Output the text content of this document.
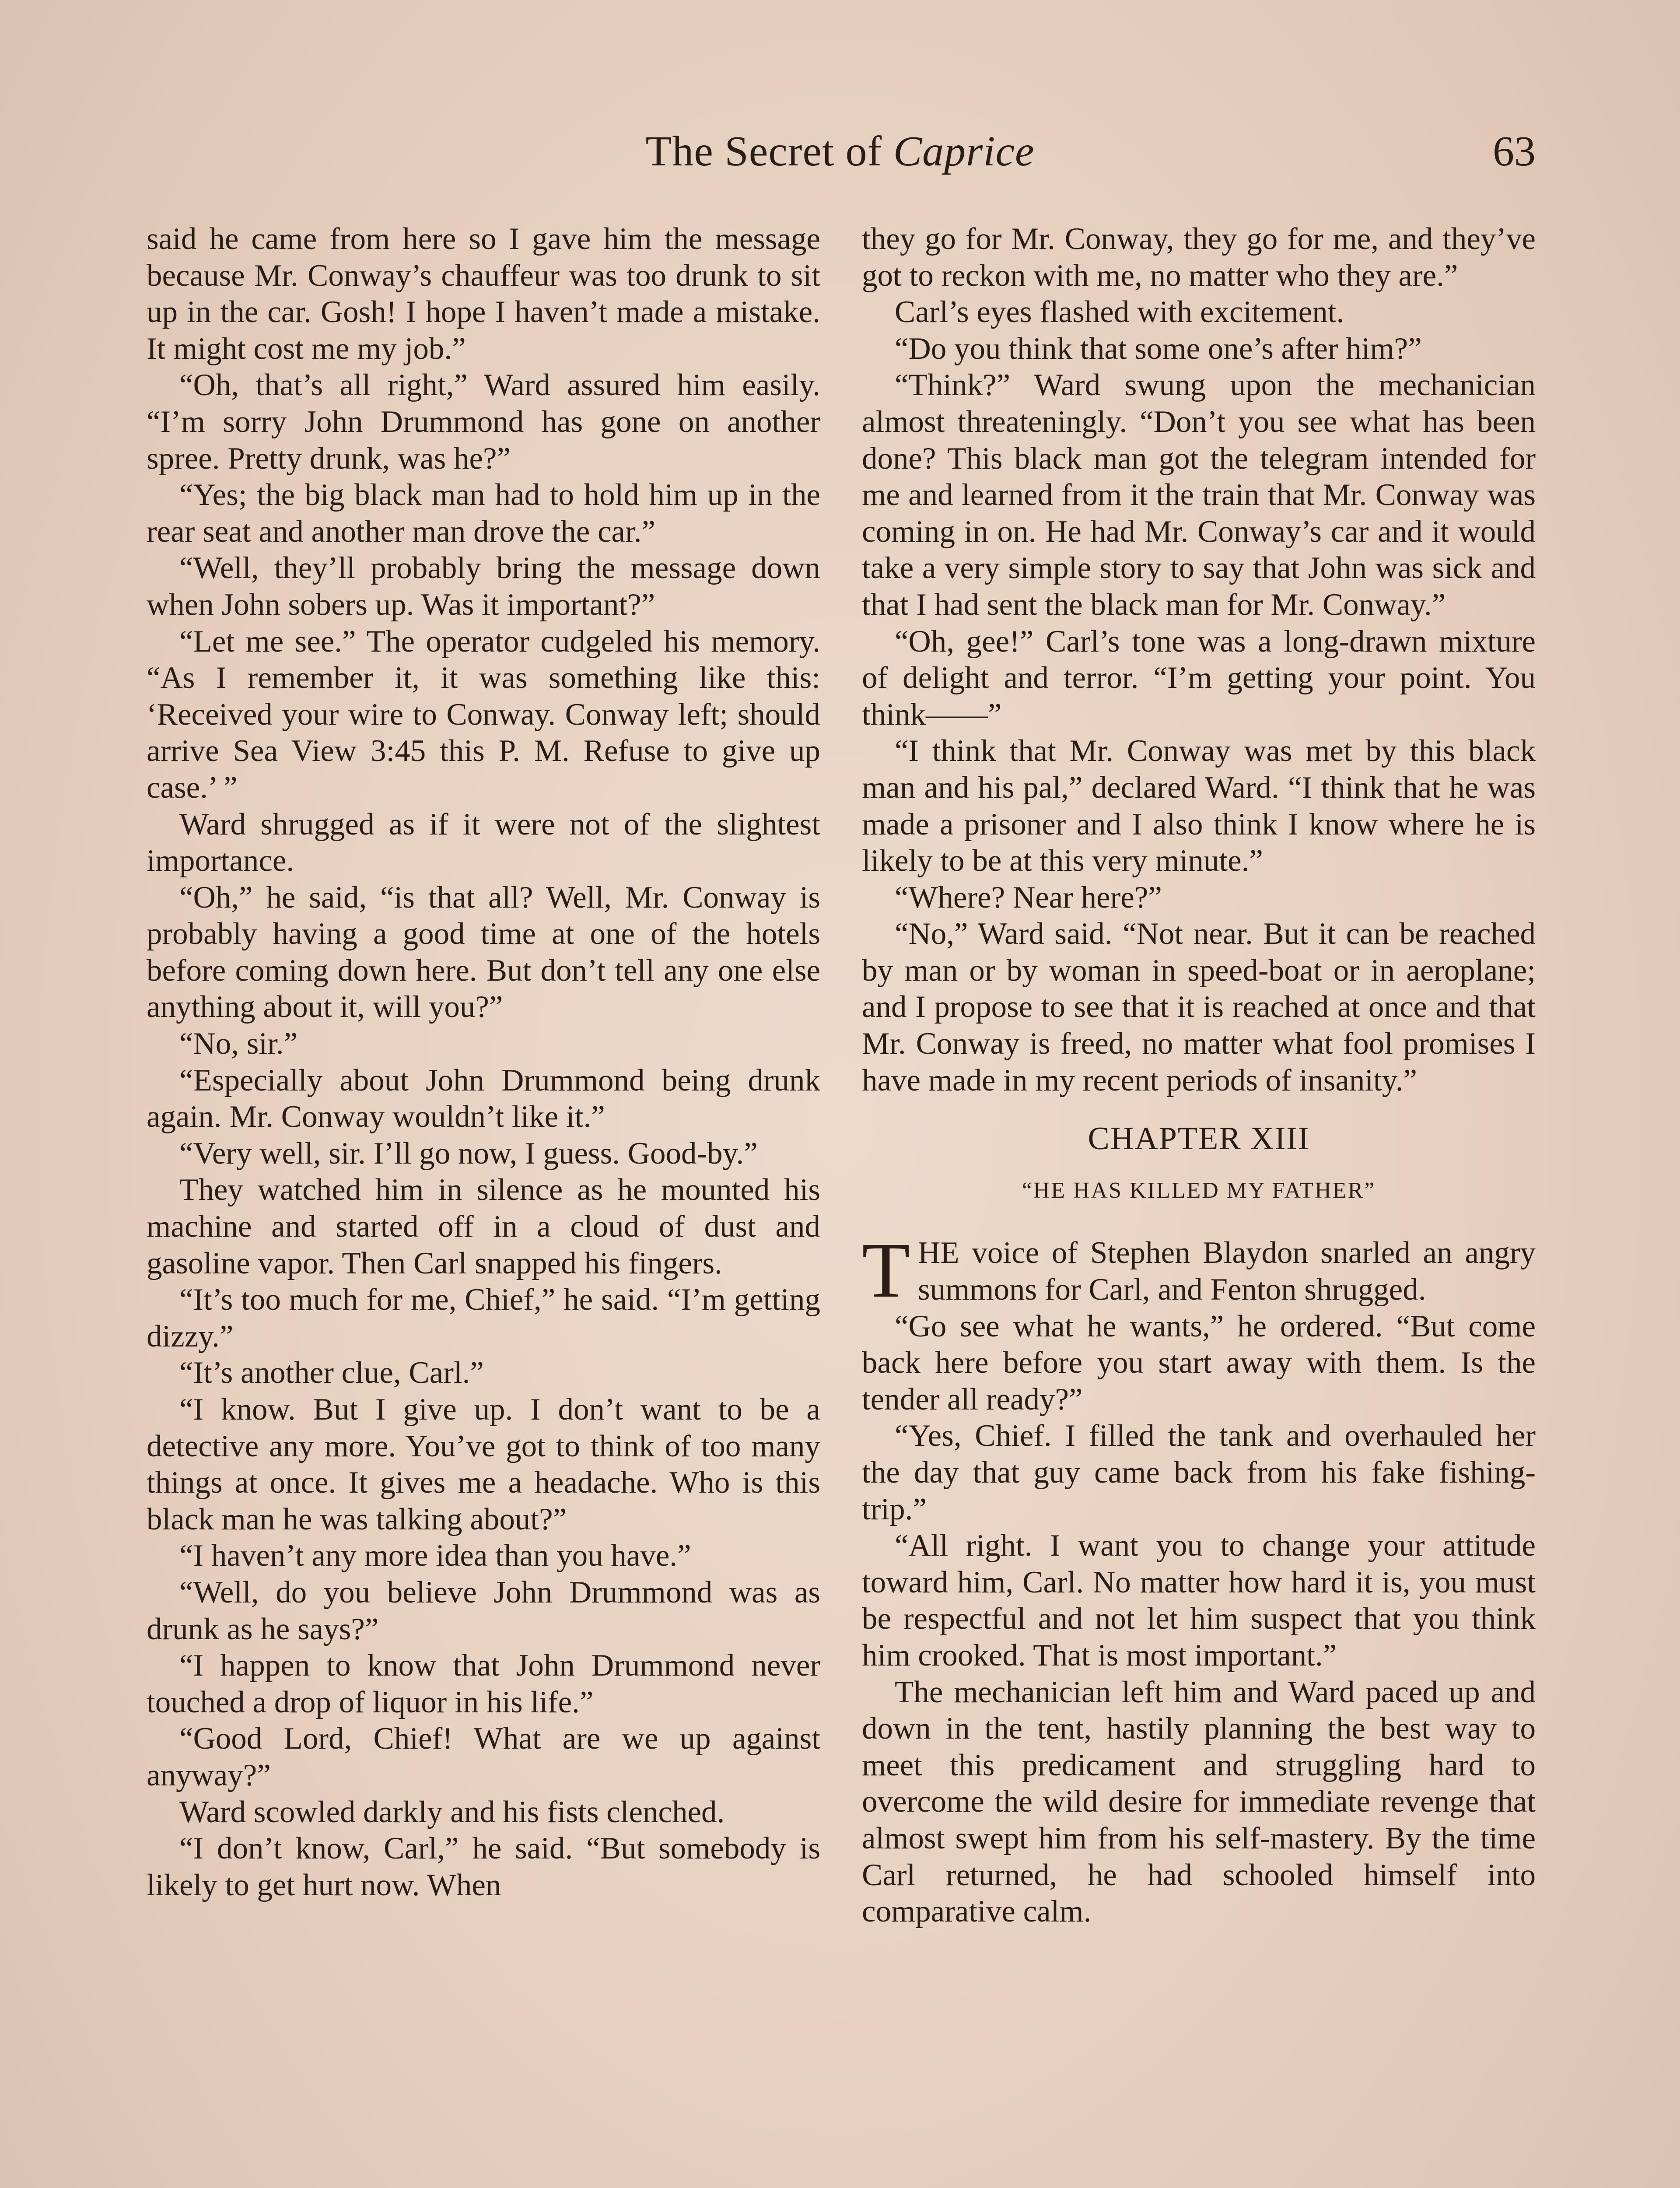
The Secret of Caprice	63

said he came from here so I gave him the message because Mr. Conway’s chauffeur was too drunk to sit up in the car. Gosh! I hope I haven’t made a mistake. It might cost me my job.”

“Oh, that’s all right,” Ward assured him easily. “I’m sorry John Drummond has gone on another spree. Pretty drunk, was he?”

“Yes; the big black man had to hold him up in the rear seat and another man drove the car.”

“Well, they’ll probably bring the message down when John sobers up. Was it important?”

“Let me see.” The operator cudgeled his memory. “As I remember it, it was something like this: ‘Received your wire to Conway. Conway left; should arrive Sea View 3:45 this P. M. Refuse to give up case.’ ”

Ward shrugged as if it were not of the slightest importance.

“Oh,” he said, “is that all? Well, Mr. Conway is probably having a good time at one of the hotels before coming down here. But don’t tell any one else anything about it, will you?”

“No, sir.”

“Especially about John Drummond being drunk again. Mr. Conway wouldn’t like it.”

“Very well, sir. I’ll go now, I guess. Good-by.”

They watched him in silence as he mounted his machine and started off in a cloud of dust and gasoline vapor. Then Carl snapped his fingers.

“It’s too much for me, Chief,” he said. “I’m getting dizzy.”

“It’s another clue, Carl.”

“I know. But I give up. I don’t want to be a detective any more. You’ve got to think of too many things at once. It gives me a headache. Who is this black man he was talking about?”

“I haven’t any more idea than you have.”

“Well, do you believe John Drummond was as drunk as he says?”

“I happen to know that John Drummond never touched a drop of liquor in his life.”

“Good Lord, Chief! What are we up against anyway?”

Ward scowled darkly and his fists clenched.

“I don’t know, Carl,” he said. “But somebody is likely to get hurt now. When

they go for Mr. Conway, they go for me, and they’ve got to reckon with me, no matter who they are.”

Carl’s eyes flashed with excitement.

“Do you think that some one’s after him?”

“Think?” Ward swung upon the mechanician almost threateningly. “Don’t you see what has been done? This black man got the telegram intended for me and learned from it the train that Mr. Conway was coming in on. He had Mr. Conway’s car and it would take a very simple story to say that John was sick and that I had sent the black man for Mr. Conway.”

“Oh, gee!” Carl’s tone was a long-drawn mixture of delight and terror. “I’m getting your point. You think——”

“I think that Mr. Conway was met by this black man and his pal,” declared Ward. “I think that he was made a prisoner and I also think I know where he is likely to be at this very minute.”

“Where? Near here?”

“No,” Ward said. “Not near. But it can be reached by man or by woman in speed-boat or in aeroplane; and I propose to see that it is reached at once and that Mr. Conway is freed, no matter what fool promises I have made in my recent periods of insanity.”

CHAPTER XIII
“HE HAS KILLED MY FATHER”

THE voice of Stephen Blaydon snarled an angry summons for Carl, and Fenton shrugged.

“Go see what he wants,” he ordered. “But come back here before you start away with them. Is the tender all ready?”

“Yes, Chief. I filled the tank and overhauled her the day that guy came back from his fake fishing-trip.”

“All right. I want you to change your attitude toward him, Carl. No matter how hard it is, you must be respectful and not let him suspect that you think him crooked. That is most important.”

The mechanician left him and Ward paced up and down in the tent, hastily planning the best way to meet this predicament and struggling hard to overcome the wild desire for immediate revenge that almost swept him from his self-mastery. By the time Carl returned, he had schooled himself into comparative calm.
